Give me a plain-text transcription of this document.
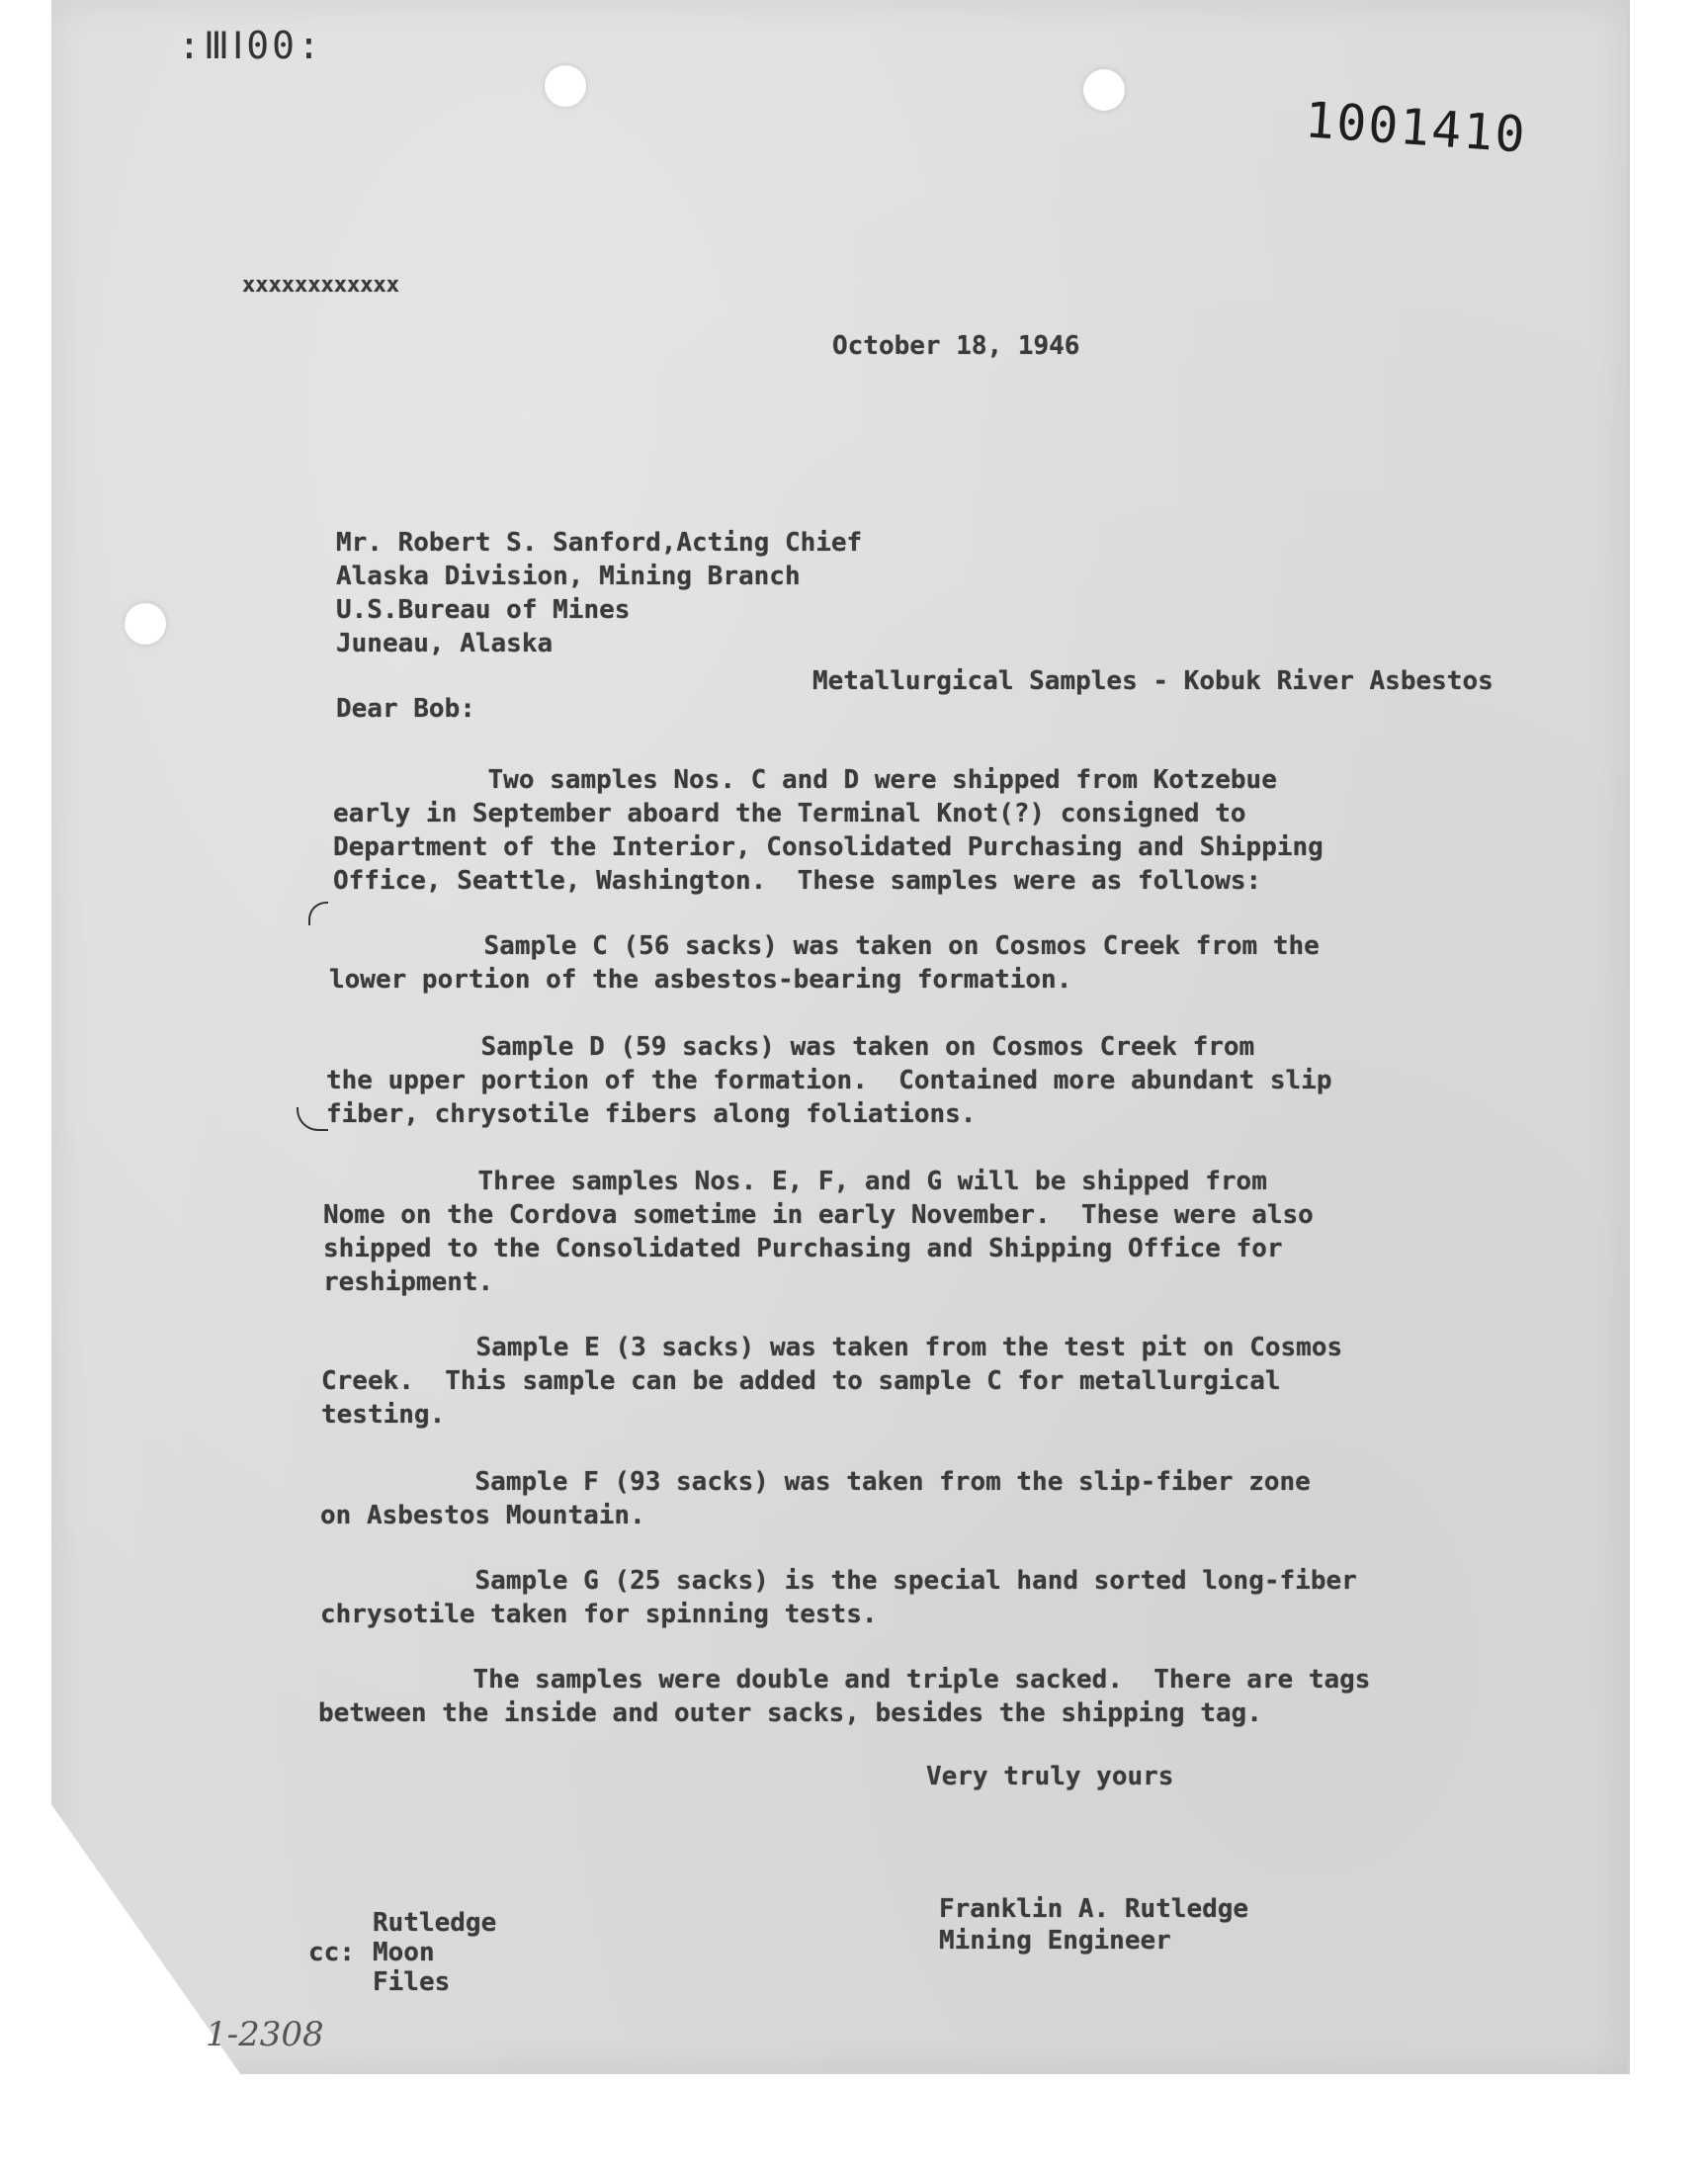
:ⅢⅠ00:

1001410

xxxxxxxxxxxx

October 18, 1946

Mr. Robert S. Sanford,Acting Chief

Alaska Division, Mining Branch

U.S.Bureau of Mines

Juneau, Alaska

Metallurgical Samples - Kobuk River Asbestos

Dear Bob:

Two samples Nos. C and D were shipped from Kotzebue

early in September aboard the Terminal Knot(?) consigned to

Department of the Interior, Consolidated Purchasing and Shipping

Office, Seattle, Washington.  These samples were as follows:

Sample C (56 sacks) was taken on Cosmos Creek from the

lower portion of the asbestos-bearing formation.

Sample D (59 sacks) was taken on Cosmos Creek from

the upper portion of the formation.  Contained more abundant slip

fiber, chrysotile fibers along foliations.

Three samples Nos. E, F, and G will be shipped from

Nome on the Cordova sometime in early November.  These were also

shipped to the Consolidated Purchasing and Shipping Office for

reshipment.

Sample E (3 sacks) was taken from the test pit on Cosmos

Creek.  This sample can be added to sample C for metallurgical

testing.

Sample F (93 sacks) was taken from the slip-fiber zone

on Asbestos Mountain.

Sample G (25 sacks) is the special hand sorted long-fiber

chrysotile taken for spinning tests.

The samples were double and triple sacked.  There are tags

between the inside and outer sacks, besides the shipping tag.

Very truly yours

Franklin A. Rutledge

Mining Engineer

Rutledge

cc: Moon

Files

1-2308
